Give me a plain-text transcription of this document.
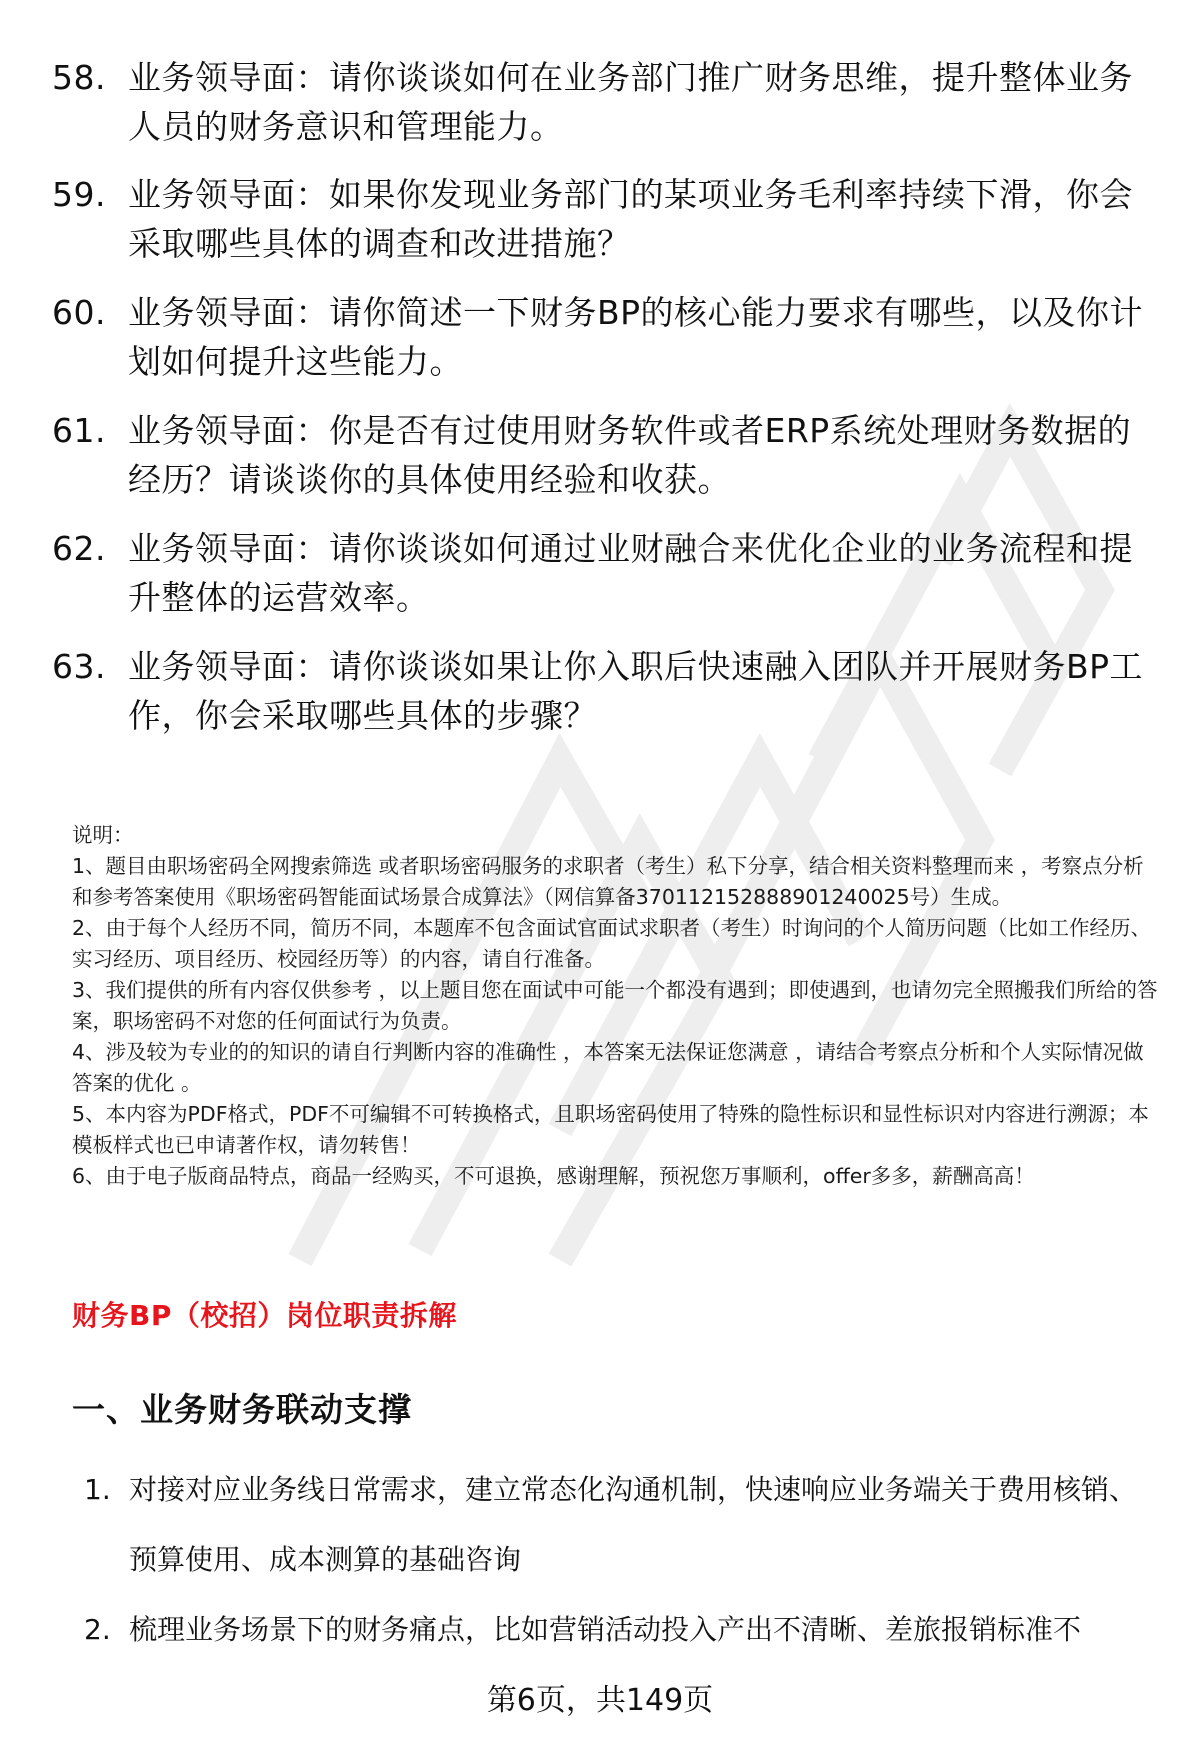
58. 业务领导面：请你谈谈如何在业务部门推广财务思维，提升整体业务人员的财务意识和管理能力。
59. 业务领导面：如果你发现业务部门的某项业务毛利率持续下滑，你会采取哪些具体的调查和改进措施？
60. 业务领导面：请你简述一下财务BP的核心能力要求有哪些，以及你计划如何提升这些能力。
61. 业务领导面：你是否有过使用财务软件或者ERP系统处理财务数据的经历？请谈谈你的具体使用经验和收获。
62. 业务领导面：请你谈谈如何通过业财融合来优化企业的业务流程和提升整体的运营效率。
63. 业务领导面：请你谈谈如果让你入职后快速融入团队并开展财务BP工作，你会采取哪些具体的步骤？

说明：

1、题目由职场密码全网搜索筛选 或者职场密码服务的求职者（考生）私下分享，结合相关资料整理而来 ，考察点分析和参考答案使用《职场密码智能面试场景合成算法》（网信算备370112152888901240025号）生成。

2、由于每个人经历不同，简历不同，本题库不包含面试官面试求职者（考生）时询问的个人简历问题（比如工作经历、实习经历、项目经历、校园经历等）的内容，请自行准备。

3、我们提供的所有内容仅供参考 ，以上题目您在面试中可能一个都没有遇到；即使遇到，也请勿完全照搬我们所给的答案，职场密码不对您的任何面试行为负责。

4、涉及较为专业的的知识的请自行判断内容的准确性 ，本答案无法保证您满意 ，请结合考察点分析和个人实际情况做答案的优化 。

5、本内容为PDF格式，PDF不可编辑不可转换格式，且职场密码使用了特殊的隐性标识和显性标识对内容进行溯源；本模板样式也已申请著作权，请勿转售！

6、由于电子版商品特点，商品一经购买，不可退换，感谢理解，预祝您万事顺利，offer多多，薪酬高高！

财务BP（校招）岗位职责拆解
一、业务财务联动支撑
1. 对接对应业务线日常需求，建立常态化沟通机制，快速响应业务端关于费用核销、预算使用、成本测算的基础咨询
2. 梳理业务场景下的财务痛点，比如营销活动投入产出不清晰、差旅报销标准不
第6页，共149页
